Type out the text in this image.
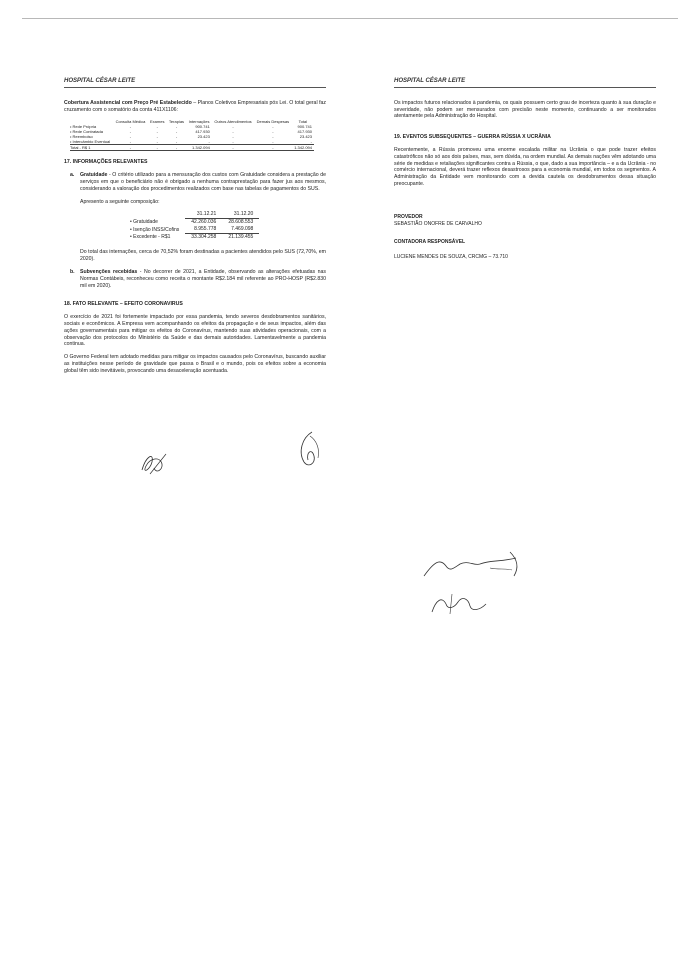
HOSPITAL CÉSAR LEITE
Cobertura Assistencial com Preço Pré Estabelecido – Planos Coletivos Empresariais pós Lei. O total geral faz cruzamento com o somatório da conta 411X1106:
	Consulta Médica	Exames	Terapias	Internações	Outros Atendimentos	Demais Despesas	Total
• Rede Própria	-	-	-	900.741	-	-	900.741
• Rede Contratada	-	-	-	417.930	-	-	417.930
• Reembolso	-	-	-	23.423	-	-	23.423
• Intercâmbio Eventual	-	-	-	-	-	-	-
Total - R$ 1	-	-	-	1.342.094	-	-	1.342.094
17. INFORMAÇÕES RELEVANTES
a. Gratuidade - O critério utilizado para a mensuração dos custos com Gratuidade considera a prestação de serviços em que o beneficiário não é obrigado a nenhuma contraprestação para fazer jus aos mesmos, considerando a valoração dos procedimentos realizados com base nas tabelas de pagamentos do SUS.
Apresento a seguinte composição:
	31.12.21	31.12.20
• Gratuidade	42.260.036	28.608.553
• Isenção INSS/Cofins	8.955.778	7.469.098
• Excedente - R$1	33.304.258	21.139.455
Do total das internações, cerca de 70,52% foram destinadas a pacientes atendidos pelo SUS (72,70%, em 2020).
b. Subvenções recebidas - No decorrer de 2021, a Entidade, observando as alterações efetuadas nas Normas Contábeis, reconheceu como receita o montante R$2.184 mil referente ao PRO-HOSP (R$2.830 mil em 2020).
18. FATO RELEVANTE – EFEITO CORONAVIRUS
O exercício de 2021 foi fortemente impactado por essa pandemia, tendo severos desdobramentos sanitários, sociais e econômicos. A Empresa vem acompanhando os efeitos da propagação e de seus impactos, além das ações governamentais para mitigar os efeitos do Coronavírus, mantendo suas atividades operacionais, com a observação dos protocolos do Ministério da Saúde e das demais autoridades. Lamentavelmente a pandemia continua.
O Governo Federal tem adotado medidas para mitigar os impactos causados pelo Coronavírus, buscando auxiliar as instituições nesse período de gravidade que passa o Brasil e o mundo, pois os efeitos sobre a economia global têm sido inevitáveis, provocando uma desaceleração acentuada.
HOSPITAL CÉSAR LEITE
Os impactos futuros relacionados à pandemia, os quais possuem certo grau de incerteza quanto à sua duração e severidade, não podem ser mensurados com precisão neste momento, continuando a ser monitorados atentamente pela Administração do Hospital.
19. EVENTOS SUBSEQUENTES – GUERRA RÚSSIA X UCRÂNIA
Recentemente, a Rússia promoveu uma enorme escalada militar na Ucrânia o que pode trazer efeitos catastróficos não só aos dois países, mas, sem dúvida, na ordem mundial. As demais nações vêm adotando uma série de medidas e retaliações significantes contra a Rússia, o que, dado a sua importância – e a da Ucrânia - no comércio internacional, deverá trazer reflexos desastrosos para a economia mundial, em todos os segmentos. A Administração da Entidade vem monitorando com a devida cautela os desdobramentos dessa situação preocupante.
PROVEDOR
SEBASTIÃO ONOFRE DE CARVALHO
CONTADORA RESPONSÁVEL
LUCIENE MENDES DE SOUZA, CRCMG – 73.710
